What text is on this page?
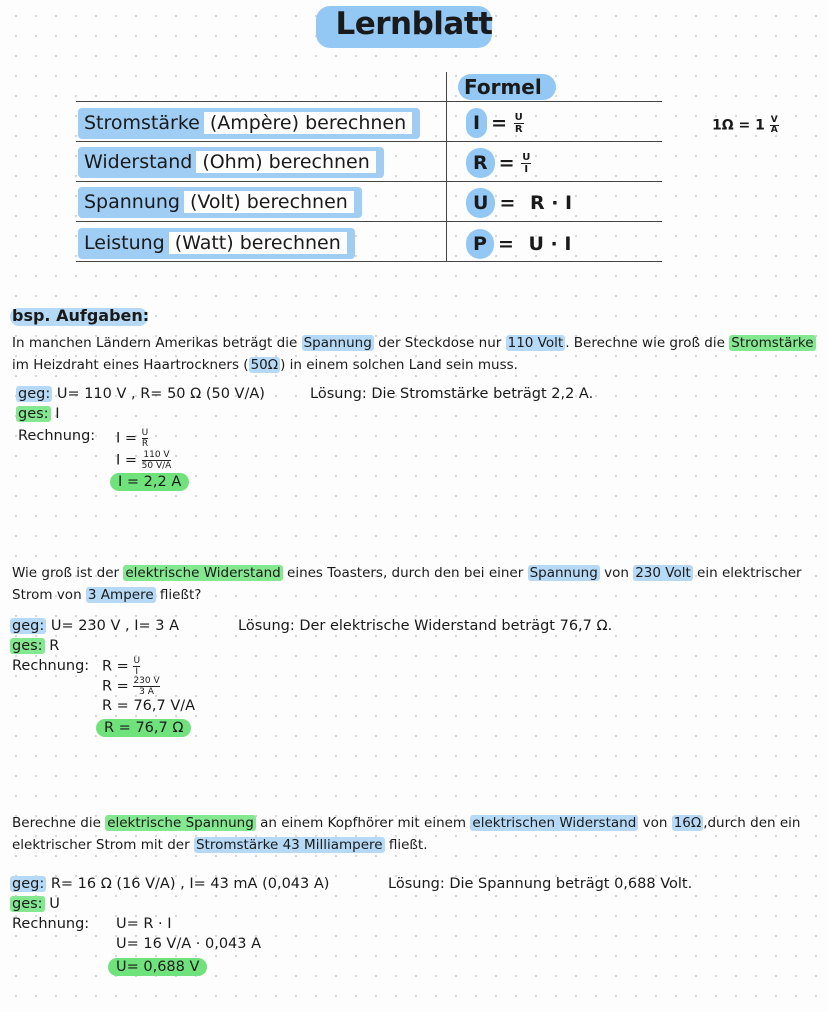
Lernblatt
Formel
Stromstärke (Ampère) berechnen	$I = \frac{U}{R}$
Widerstand (Ohm) berechnen	$R = \frac{U}{I}$
Spannung (Volt) berechnen	U = R · I
Leistung (Watt) berechnen	P = U · I
$1\Omega = 1 \frac{V}{A}$
bsp. Aufgaben:
In manchen Ländern Amerikas beträgt die Spannung der Steckdose nur 110 Volt . Berechne wie groß die Stromstärke
im Heizdraht eines Haartrockners ( 50Ω ) in einem solchen Land sein muss.
geg: U= 110 V , R= 50 Ω (50 V/A)	Lösung: Die Stromstärke beträgt 2,2 A.
ges: I
Rechnung: $I = \frac{U}{R}$
$I = \frac{110 V}{50 V/A}$
I = 2,2 A
Wie groß ist der elektrische Widerstand eines Toasters, durch den bei einer Spannung von 230 Volt ein elektrischer
Strom von 3 Ampere fließt?
geg: U= 230 V , I= 3 A	Lösung: Der elektrische Widerstand beträgt 76,7 Ω.
ges: R
Rechnung: $R = \frac{U}{I}$
$R = \frac{230 V}{3 A}$
R = 76,7 V/A
R = 76,7 Ω
Berechne die elektrische Spannung an einem Kopfhörer mit einem elektrischen Widerstand von 16Ω ,durch den ein
elektrischer Strom mit der Stromstärke 43 Milliampere fließt.
geg: R= 16 Ω (16 V/A) , I= 43 mA (0,043 A)	Lösung: Die Spannung beträgt 0,688 Volt.
ges: U
Rechnung: U= R · I
U= 16 V/A · 0,043 A
U= 0,688 V
